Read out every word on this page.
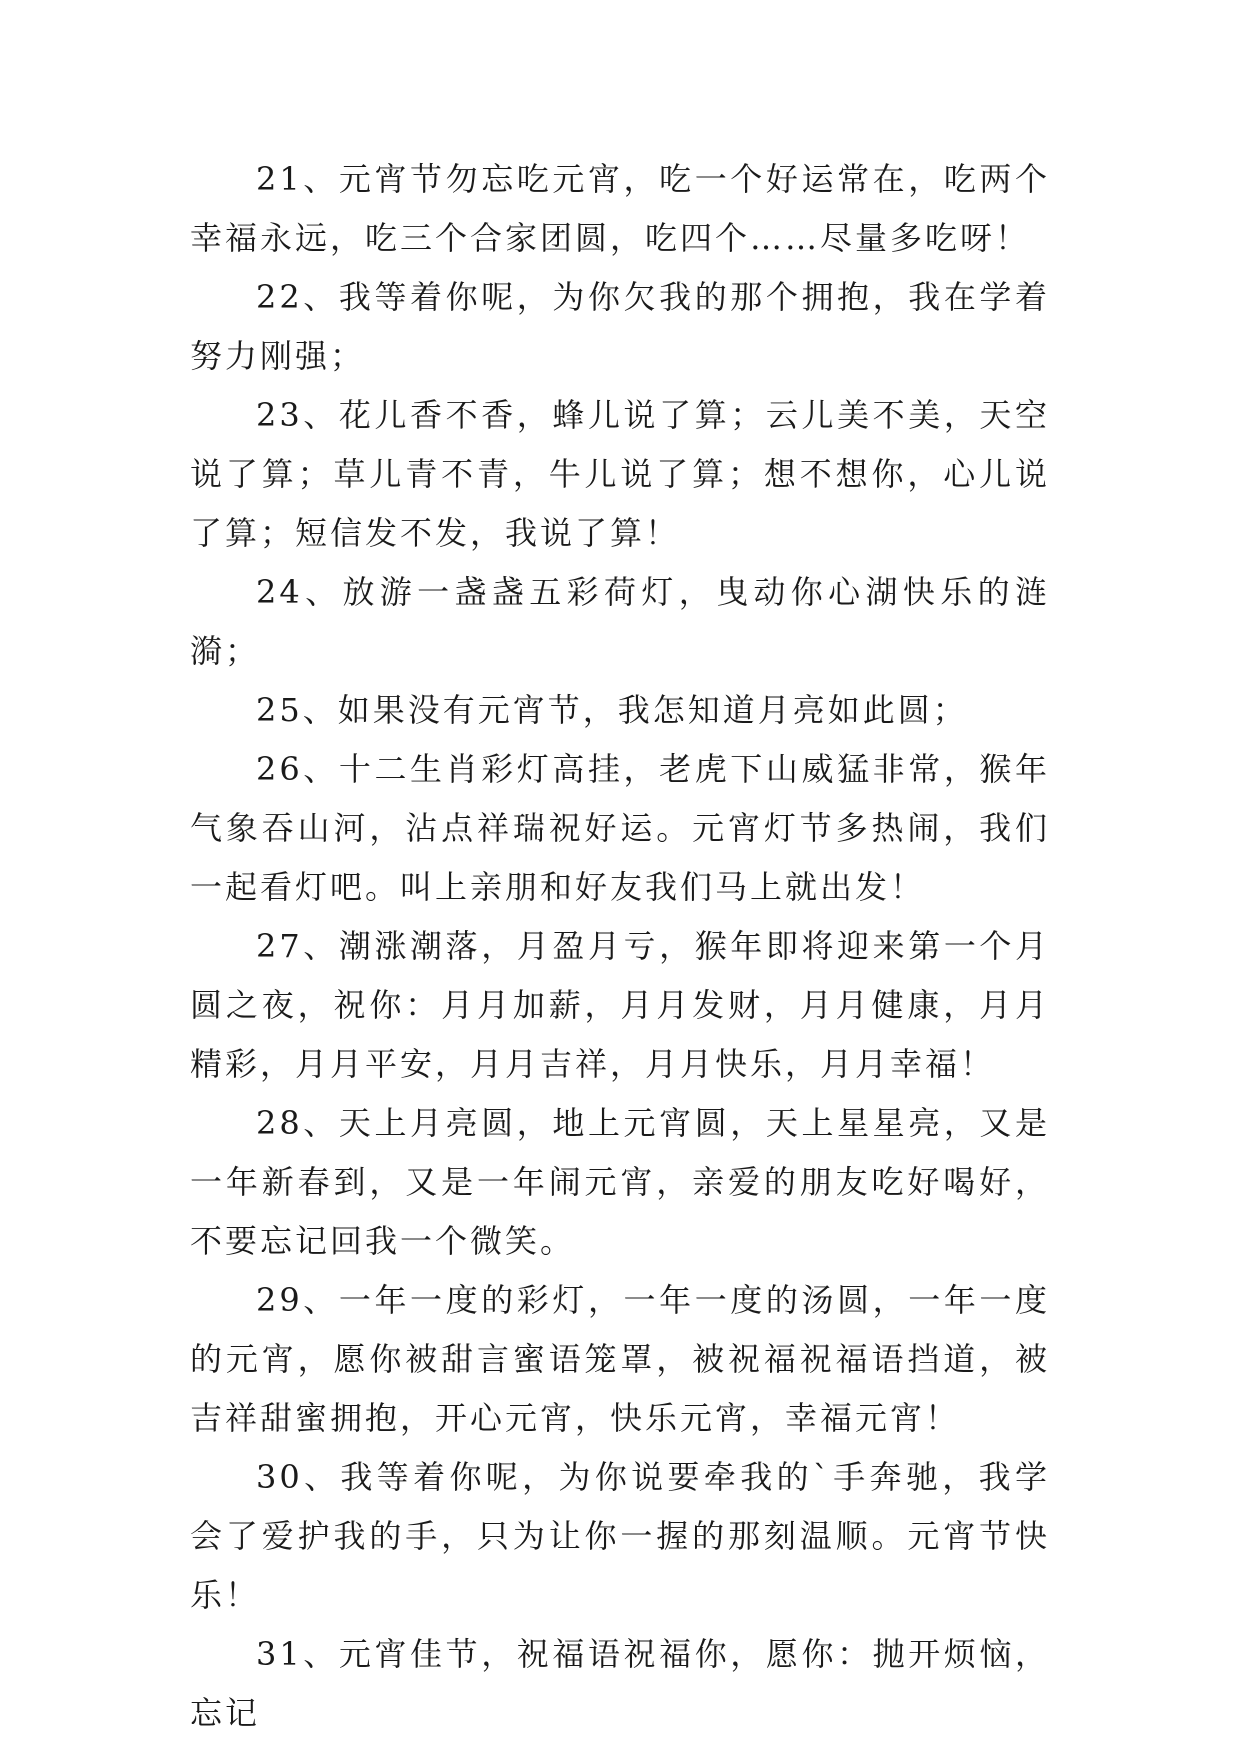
21、元宵节勿忘吃元宵，吃一个好运常在，吃两个幸福永远，吃三个合家团圆，吃四个……尽量多吃呀！

22、我等着你呢，为你欠我的那个拥抱，我在学着努力刚强；

23、花儿香不香，蜂儿说了算；云儿美不美，天空说了算；草儿青不青，牛儿说了算；想不想你，心儿说了算；短信发不发，我说了算！

24、放游一盏盏五彩荷灯，曳动你心湖快乐的涟漪；

25、如果没有元宵节，我怎知道月亮如此圆；

26、十二生肖彩灯高挂，老虎下山威猛非常，猴年气象吞山河，沾点祥瑞祝好运。元宵灯节多热闹，我们一起看灯吧。叫上亲朋和好友我们马上就出发！

27、潮涨潮落，月盈月亏，猴年即将迎来第一个月圆之夜，祝你：月月加薪，月月发财，月月健康，月月精彩，月月平安，月月吉祥，月月快乐，月月幸福！

28、天上月亮圆，地上元宵圆，天上星星亮，又是一年新春到，又是一年闹元宵，亲爱的朋友吃好喝好，不要忘记回我一个微笑。

29、一年一度的彩灯，一年一度的汤圆，一年一度的元宵，愿你被甜言蜜语笼罩，被祝福祝福语挡道，被吉祥甜蜜拥抱，开心元宵，快乐元宵，幸福元宵！

30、我等着你呢，为你说要牵我的`手奔驰，我学会了爱护我的手，只为让你一握的那刻温顺。元宵节快乐！

31、元宵佳节，祝福语祝福你，愿你：抛开烦恼，忘记
